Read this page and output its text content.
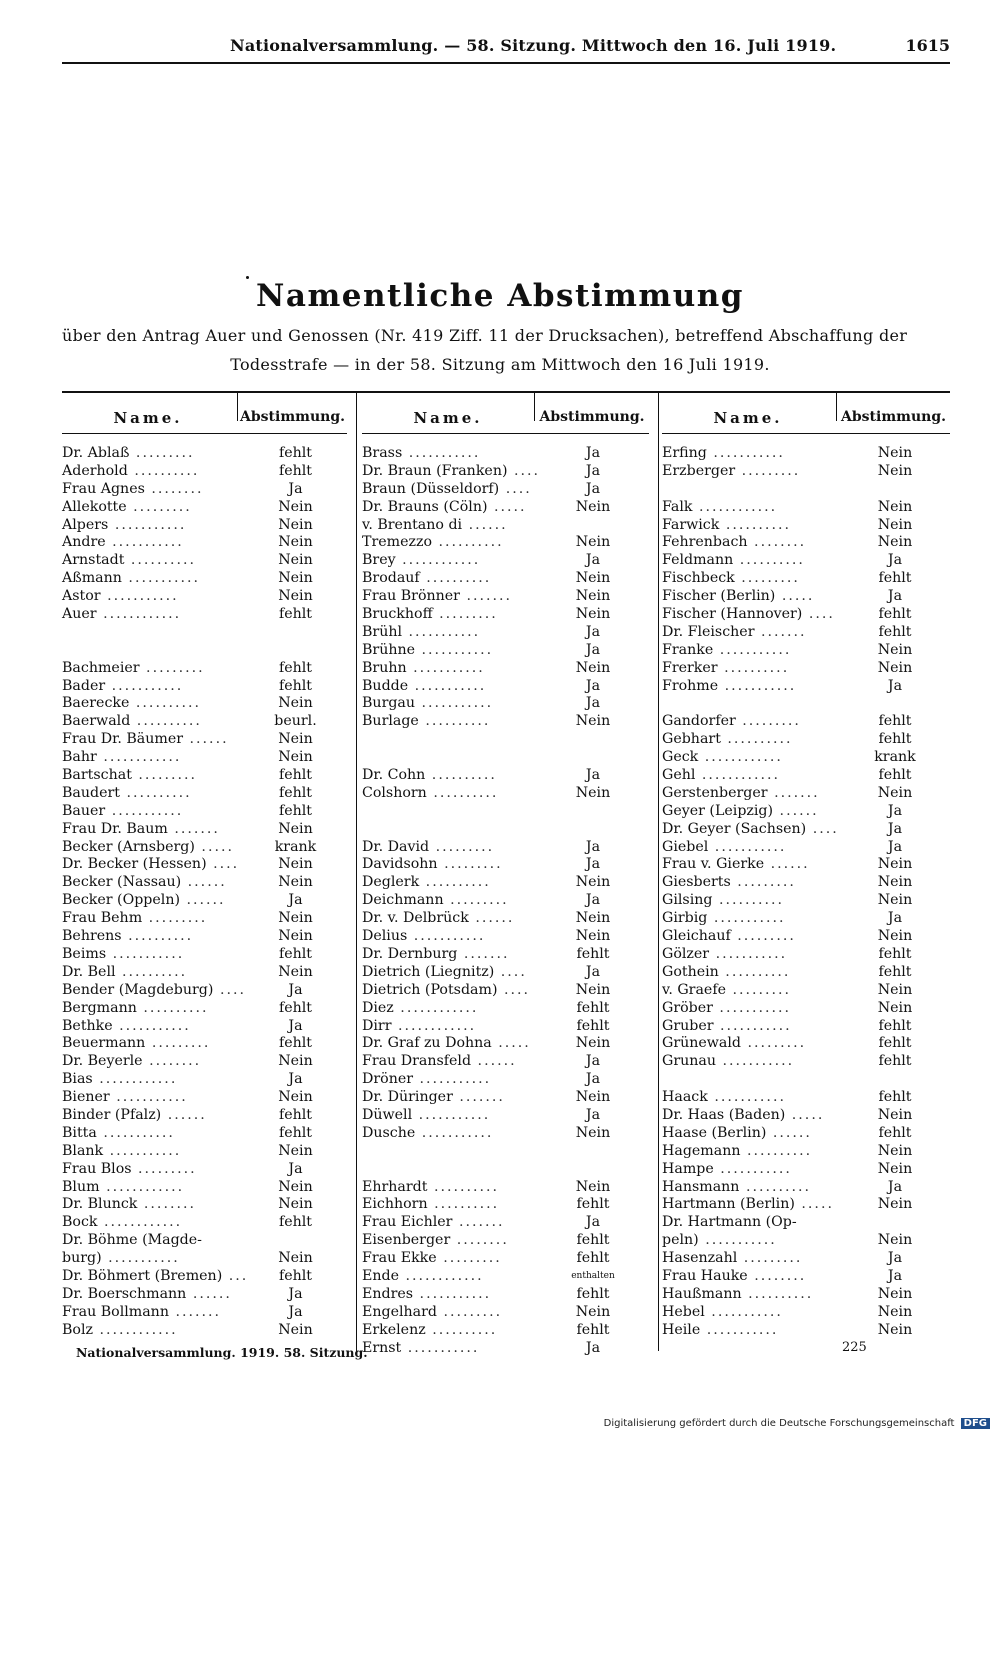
Nationalversammlung. — 58. Sitzung. Mittwoch den 16. Juli 1919.	1615
Namentliche Abstimmung
über den Antrag Auer und Genossen (Nr. 419 Ziff. 11 der Drucksachen), betreffend Abschaffung der
Todesstrafe — in der 58. Sitzung am Mittwoch den 16 Juli 1919.
Name.	Abstimmung.
Dr. Ablaß .........	fehlt
Aderhold ..........	fehlt
Frau Agnes ........	Ja
Allekotte .........	Nein
Alpers ...........	Nein
Andre ...........	Nein
Arnstadt ..........	Nein
Aßmann ...........	Nein
Astor ...........	Nein
Auer ............	fehlt
Bachmeier .........	fehlt
Bader ...........	fehlt
Baerecke ..........	Nein
Baerwald ..........	beurl.
Frau Dr. Bäumer ......	Nein
Bahr ............	Nein
Bartschat .........	fehlt
Baudert ..........	fehlt
Bauer ...........	fehlt
Frau Dr. Baum .......	Nein
Becker (Arnsberg) .....	krank
Dr. Becker (Hessen) ....	Nein
Becker (Nassau) ......	Nein
Becker (Oppeln) ......	Ja
Frau Behm .........	Nein
Behrens ..........	Nein
Beims ...........	fehlt
Dr. Bell ..........	Nein
Bender (Magdeburg) ....	Ja
Bergmann ..........	fehlt
Bethke ...........	Ja
Beuermann .........	fehlt
Dr. Beyerle ........	Nein
Bias ............	Ja
Biener ...........	Nein
Binder (Pfalz) ......	fehlt
Bitta ...........	fehlt
Blank ...........	Nein
Frau Blos .........	Ja
Blum ............	Nein
Dr. Blunck ........	Nein
Bock ............	fehlt
Dr. Böhme (Magde-
burg) ...........	Nein
Dr. Böhmert (Bremen) ...	fehlt
Dr. Boerschmann ......	Ja
Frau Bollmann .......	Ja
Bolz ............	Nein
Name.	Abstimmung.
Brass ...........	Ja
Dr. Braun (Franken) ....	Ja
Braun (Düsseldorf) ....	Ja
Dr. Brauns (Cöln) .....	Nein
v. Brentano di ......
Tremezzo ..........	Nein
Brey ............	Ja
Brodauf ..........	Nein
Frau Brönner .......	Nein
Bruckhoff .........	Nein
Brühl ...........	Ja
Brühne ...........	Ja
Bruhn ...........	Nein
Budde ...........	Ja
Burgau ...........	Ja
Burlage ..........	Nein
Dr. Cohn ..........	Ja
Colshorn ..........	Nein
Dr. David .........	Ja
Davidsohn .........	Ja
Deglerk ..........	Nein
Deichmann .........	Ja
Dr. v. Delbrück ......	Nein
Delius ...........	Nein
Dr. Dernburg .......	fehlt
Dietrich (Liegnitz) ....	Ja
Dietrich (Potsdam) ....	Nein
Diez ............	fehlt
Dirr ............	fehlt
Dr. Graf zu Dohna .....	Nein
Frau Dransfeld ......	Ja
Dröner ...........	Ja
Dr. Düringer .......	Nein
Düwell ...........	Ja
Dusche ...........	Nein
Ehrhardt ..........	Nein
Eichhorn ..........	fehlt
Frau Eichler .......	Ja
Eisenberger ........	fehlt
Frau Ekke .........	fehlt
Ende ............	enthalten
Endres ...........	fehlt
Engelhard .........	Nein
Erkelenz ..........	fehlt
Ernst ...........	Ja
Name.	Abstimmung.
Erfing ...........	Nein
Erzberger .........	Nein
Falk ............	Nein
Farwick ..........	Nein
Fehrenbach ........	Nein
Feldmann ..........	Ja
Fischbeck .........	fehlt
Fischer (Berlin) .....	Ja
Fischer (Hannover) ....	fehlt
Dr. Fleischer .......	fehlt
Franke ...........	Nein
Frerker ..........	Nein
Frohme ...........	Ja
Gandorfer .........	fehlt
Gebhart ..........	fehlt
Geck ............	krank
Gehl ............	fehlt
Gerstenberger .......	Nein
Geyer (Leipzig) ......	Ja
Dr. Geyer (Sachsen) ....	Ja
Giebel ...........	Ja
Frau v. Gierke ......	Nein
Giesberts .........	Nein
Gilsing ..........	Nein
Girbig ...........	Ja
Gleichauf .........	Nein
Gölzer ...........	fehlt
Gothein ..........	fehlt
v. Graefe .........	Nein
Gröber ...........	Nein
Gruber ...........	fehlt
Grünewald .........	fehlt
Grunau ...........	fehlt
Haack ...........	fehlt
Dr. Haas (Baden) .....	Nein
Haase (Berlin) ......	fehlt
Hagemann ..........	Nein
Hampe ...........	Nein
Hansmann ..........	Ja
Hartmann (Berlin) .....	Nein
Dr. Hartmann (Op-
peln) ...........	Nein
Hasenzahl .........	Ja
Frau Hauke ........	Ja
Haußmann ..........	Nein
Hebel ...........	Nein
Heile ...........	Nein
Nationalversammlung. 1919. 58. Sitzung.	225
Digitalisierung gefördert durch die Deutsche Forschungsgemeinschaft DFG
